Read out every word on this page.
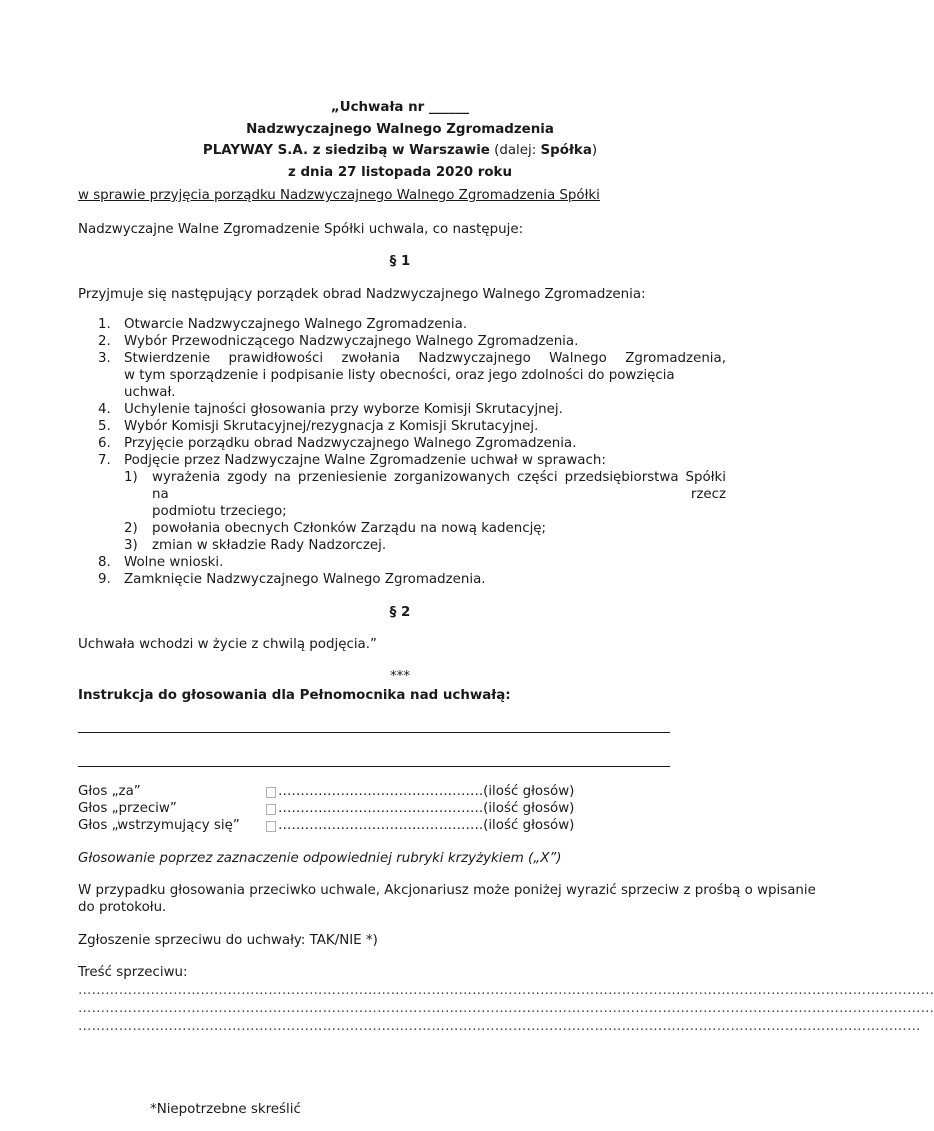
„Uchwała nr ______
Nadzwyczajnego Walnego Zgromadzenia
PLAYWAY S.A. z siedzibą w Warszawie (dalej: Spółka)
z dnia 27 listopada 2020 roku
w sprawie przyjęcia porządku Nadzwyczajnego Walnego Zgromadzenia Spółki
Nadzwyczajne Walne Zgromadzenie Spółki uchwala, co następuje:
§ 1
Przyjmuje się następujący porządek obrad Nadzwyczajnego Walnego Zgromadzenia:
1. Otwarcie Nadzwyczajnego Walnego Zgromadzenia.
2. Wybór Przewodniczącego Nadzwyczajnego Walnego Zgromadzenia.
3. Stwierdzenie prawidłowości zwołania Nadzwyczajnego Walnego Zgromadzenia,
w tym sporządzenie i podpisanie listy obecności, oraz jego zdolności do powzięcia uchwał.
4. Uchylenie tajności głosowania przy wyborze Komisji Skrutacyjnej.
5. Wybór Komisji Skrutacyjnej/rezygnacja z Komisji Skrutacyjnej.
6. Przyjęcie porządku obrad Nadzwyczajnego Walnego Zgromadzenia.
7. Podjęcie przez Nadzwyczajne Walne Zgromadzenie uchwał w sprawach:
1) wyrażenia zgody na przeniesienie zorganizowanych części przedsiębiorstwa Spółki na rzecz
podmiotu trzeciego;
2) powołania obecnych Członków Zarządu na nową kadencję;
3) zmian w składzie Rady Nadzorczej.
8. Wolne wnioski.
9. Zamknięcie Nadzwyczajnego Walnego Zgromadzenia.
§ 2
Uchwała wchodzi w życie z chwilą podjęcia.”
***
Instrukcja do głosowania dla Pełnomocnika nad uchwałą:
Głos „za”	……………………………………….(ilość głosów)
Głos „przeciw”	……………………………………….(ilość głosów)
Głos „wstrzymujący się”	……………………………………….(ilość głosów)
Głosowanie poprzez zaznaczenie odpowiedniej rubryki krzyżykiem („X”)
W przypadku głosowania przeciwko uchwale, Akcjonariusz może poniżej wyrazić sprzeciw z prośbą o wpisanie
do protokołu.
Zgłoszenie sprzeciwu do uchwały: TAK/NIE *)
Treść sprzeciwu:
………………………………………………………………………………………………………………………………………………………………………
………………………………………………………………………………………………………………………………………………………………………
……………………………………………………………………………………………………………………………………………………………………
*Niepotrzebne skreślić
